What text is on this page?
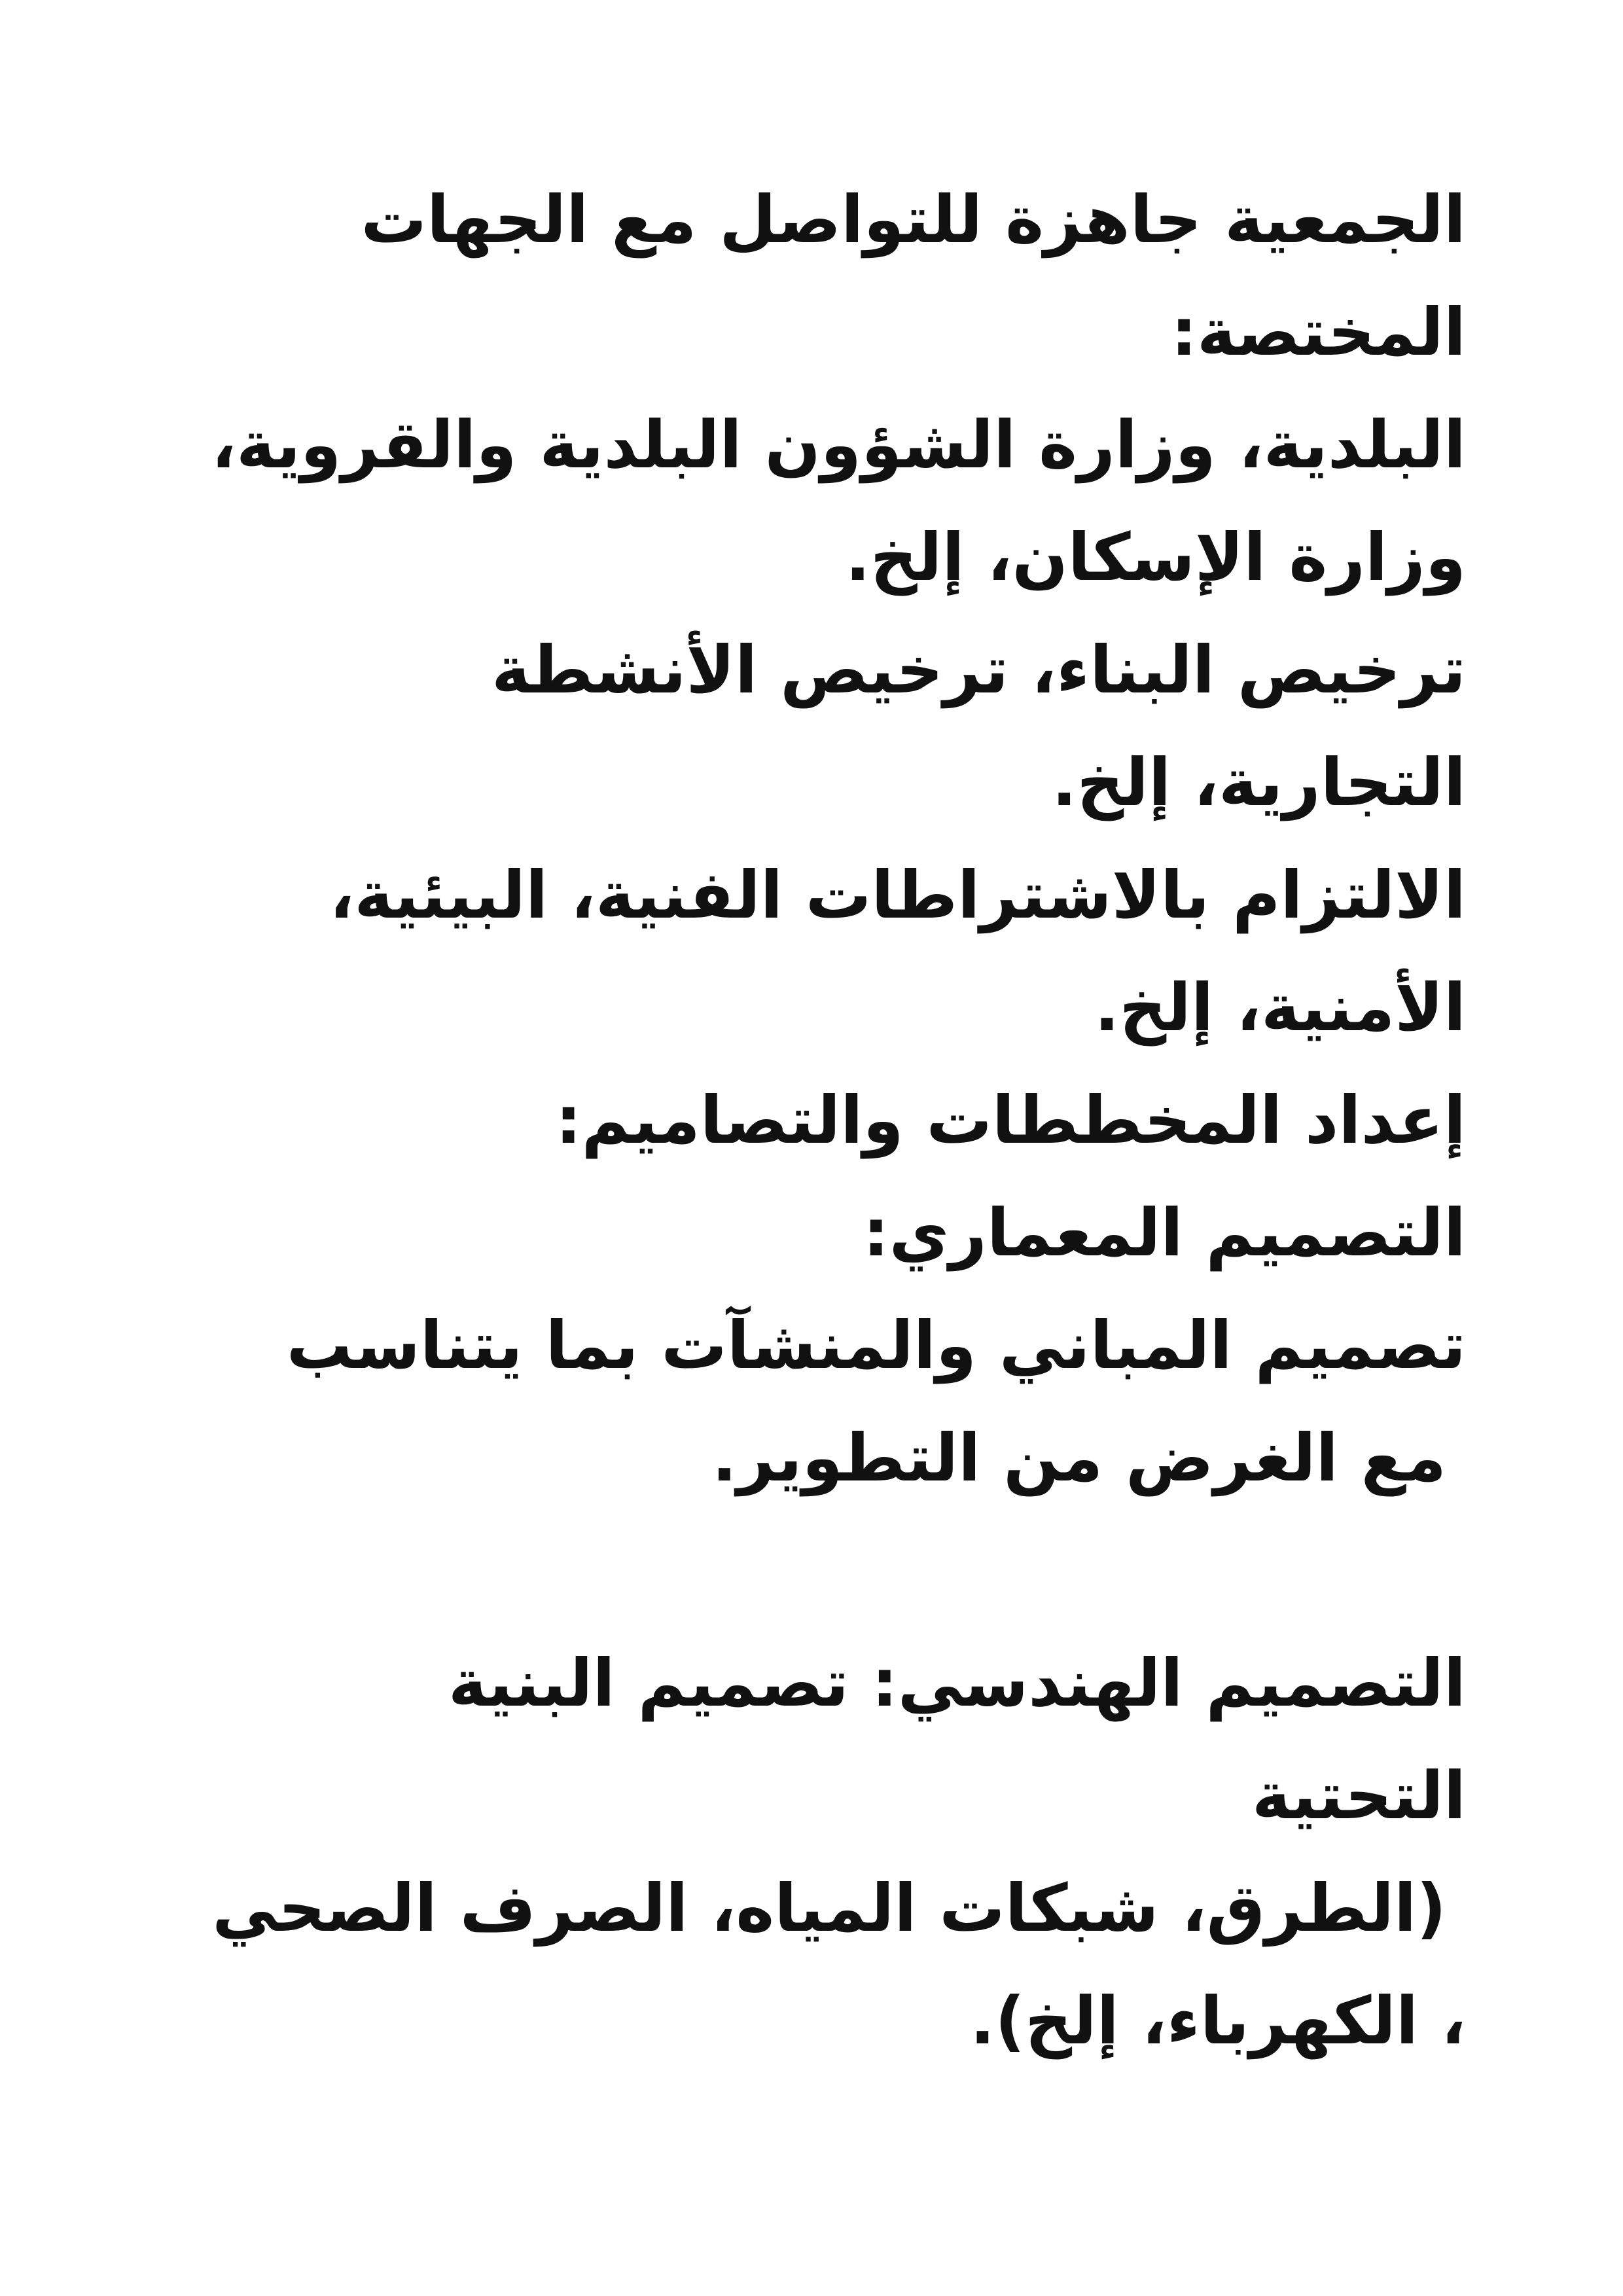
الجمعية جاهزة للتواصل مع الجهات
المختصة:
البلدية، وزارة الشؤون البلدية والقروية،
وزارة الإسكان، إلخ.
ترخيص البناء، ترخيص الأنشطة
التجارية، إلخ.
الالتزام بالاشتراطات الفنية، البيئية،
الأمنية، إلخ.
إعداد المخططات والتصاميم:
التصميم المعماري:
تصميم المباني والمنشآت بما يتناسب
مع الغرض من التطوير.
التصميم الهندسي: تصميم البنية
التحتية
(الطرق، شبكات المياه، الصرف الصحي
، الكهرباء، إلخ).
